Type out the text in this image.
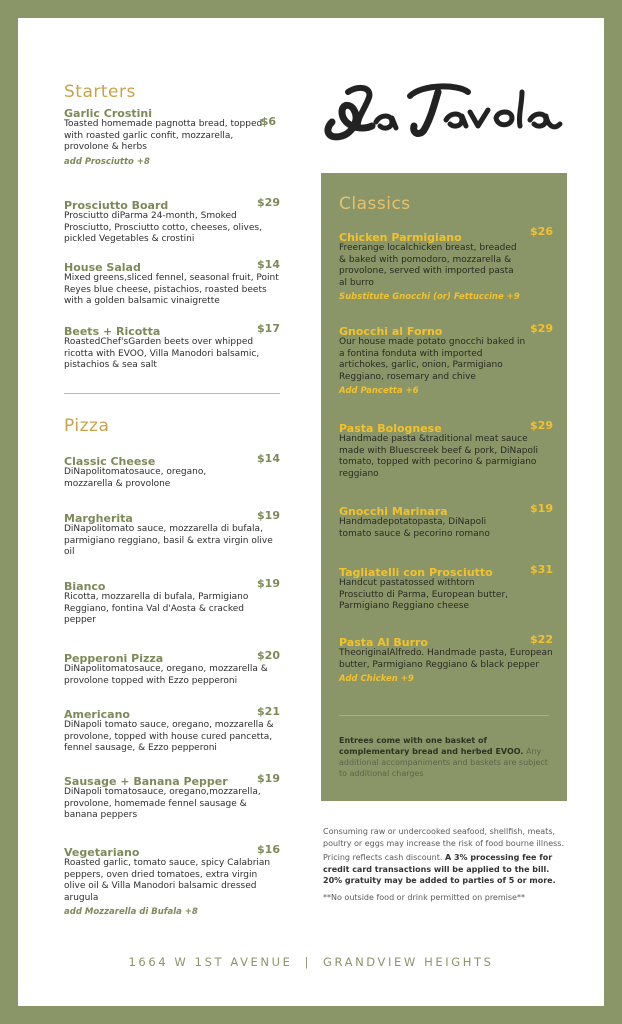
Starters
Garlic Crostini
$6
Toasted homemade pagnotta bread, topped with roasted garlic confit, mozzarella, provolone & herbs
add Prosciutto +8
Prosciutto Board	$29
Prosciutto diParma 24-month, Smoked Prosciutto, Prosciutto cotto, cheeses, olives, pickled Vegetables & crostini
House Salad	$14
Mixed greens,sliced fennel, seasonal fruit, Point Reyes blue cheese, pistachios, roasted beets with a golden balsamic vinaigrette
Beets + Ricotta	$17
RoastedChef'sGarden beets over whipped ricotta with EVOO, Villa Manodori balsamic, pistachios & sea salt
Pizza
Classic Cheese	$14
DiNapolitomatosauce, oregano, mozzarella & provolone
Margherita	$19
DiNapolitomato sauce, mozzarella di bufala, parmigiano reggiano, basil & extra virgin olive oil
Bianco	$19
Ricotta, mozzarella di bufala, Parmigiano Reggiano, fontina Val d'Aosta & cracked pepper
Pepperoni Pizza	$20
DiNapolitomatosauce, oregano, mozzarella & provolone topped with Ezzo pepperoni
Americano	$21
DiNapoli tomato sauce, oregano, mozzarella & provolone, topped with house cured pancetta, fennel sausage, & Ezzo pepperoni
Sausage + Banana Pepper	$19
DiNapoli tomatosauce, oregano,mozzarella, provolone, homemade fennel sausage & banana peppers
Vegetariano	$16
Roasted garlic, tomato sauce, spicy Calabrian peppers, oven dried tomatoes, extra virgin olive oil & Villa Manodori balsamic dressed arugula
add Mozzarella di Bufala +8
La Tavola
Classics
Chicken Parmigiano	$26
Freerange localchicken breast, breaded & baked with pomodoro, mozzarella & provolone, served with imported pasta al burro
Substitute Gnocchi (or) Fettuccine +9
Gnocchi al Forno	$29
Our house made potato gnocchi baked in a fontina fonduta with imported artichokes, garlic, onion, Parmigiano Reggiano, rosemary and chive
Add Pancetta +6
Pasta Bolognese	$29
Handmade pasta &traditional meat sauce made with Bluescreek beef & pork, DiNapoli tomato, topped with pecorino & parmigiano reggiano
Gnocchi Marinara	$19
Handmadepotatopasta, DiNapoli tomato sauce & pecorino romano
Tagliatelli con Prosciutto	$31
Handcut pastatossed withtorn Prosciutto di Parma, European butter, Parmigiano Reggiano cheese
Pasta Al Burro	$22
TheoriginalAlfredo. Handmade pasta, European butter, Parmigiano Reggiano & black pepper
Add Chicken +9
Entrees come with one basket of complementary bread and herbed EVOO. Any additional accompaniments and baskets are subject to additional charges
Consuming raw or undercooked seafood, shellfish, meats, poultry or eggs may increase the risk of food bourne illness.
Pricing reflects cash discount. A 3% processing fee for credit card transactions will be applied to the bill.
20% gratuity may be added to parties of 5 or more.
**No outside food or drink permitted on premise**
1664 W 1ST AVENUE | GRANDVIEW HEIGHTS
